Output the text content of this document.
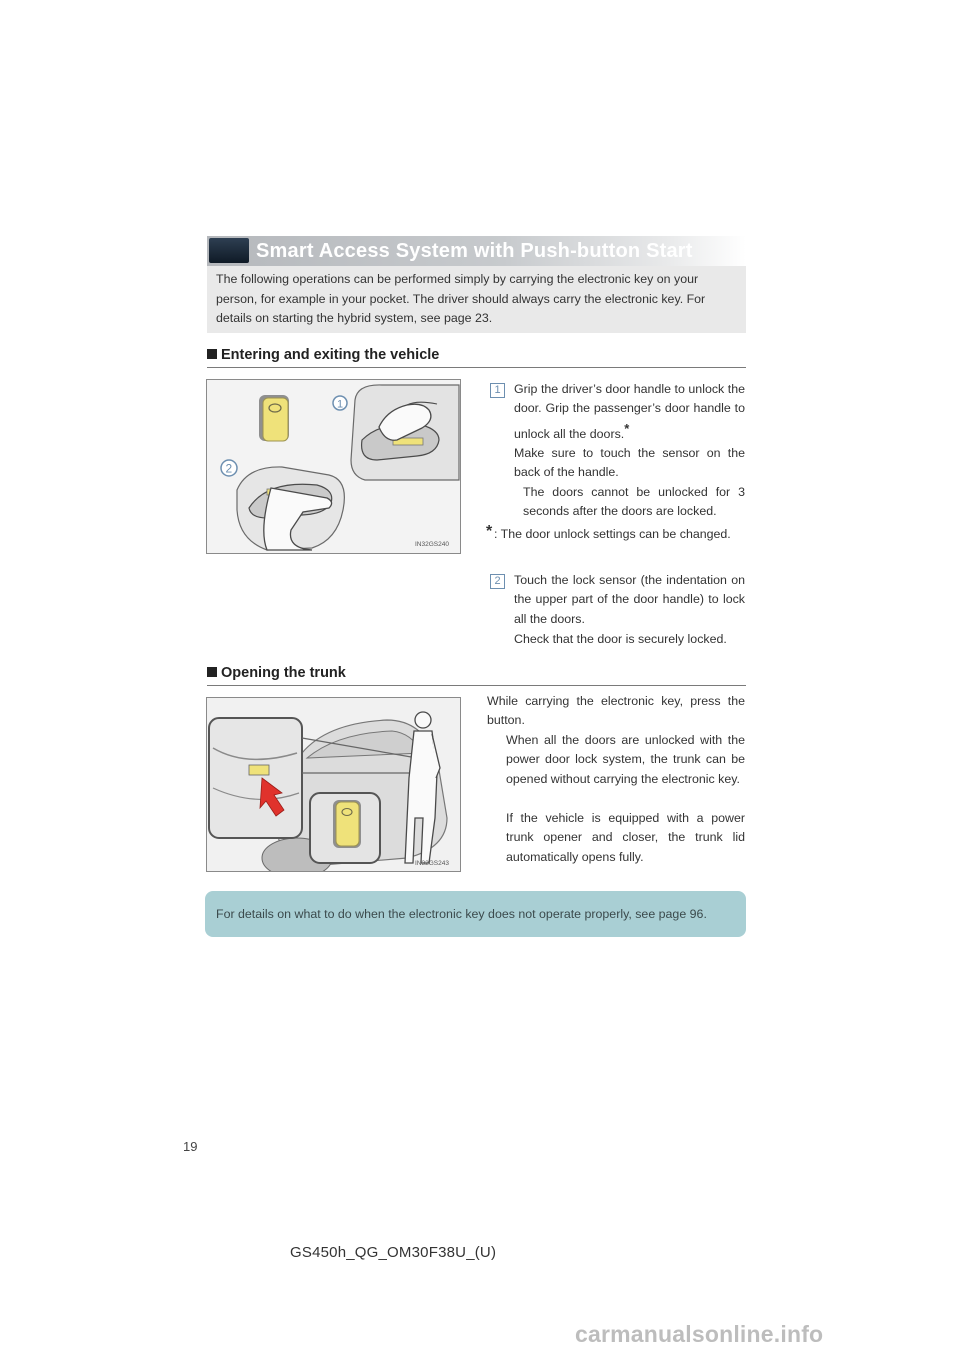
Smart Access System with Push-button Start
The following operations can be performed simply by carrying the electronic key on your person, for example in your pocket. The driver should always carry the electronic key. For details on starting the hybrid system, see page 23.
Entering and exiting the vehicle
1
2
IN32GS240
1	Grip the driver’s door handle to unlock the door. Grip the passenger’s door handle to unlock all the doors.*
Make sure to touch the sensor on the back of the handle.
The doors cannot be unlocked for 3 seconds after the doors are locked.
* : The door unlock settings can be changed.
2	Touch the lock sensor (the indentation on the upper part of the door handle) to lock all the doors.
Check that the door is securely locked.
Opening the trunk
IN32GS243
While carrying the electronic key, press the button.
When all the doors are unlocked with the power door lock system, the trunk can be opened without carrying the electronic key.
If the vehicle is equipped with a power trunk opener and closer, the trunk lid automatically opens fully.
For details on what to do when the electronic key does not operate properly, see page 96.
19
GS450h_QG_OM30F38U_(U)
carmanualsonline.info
